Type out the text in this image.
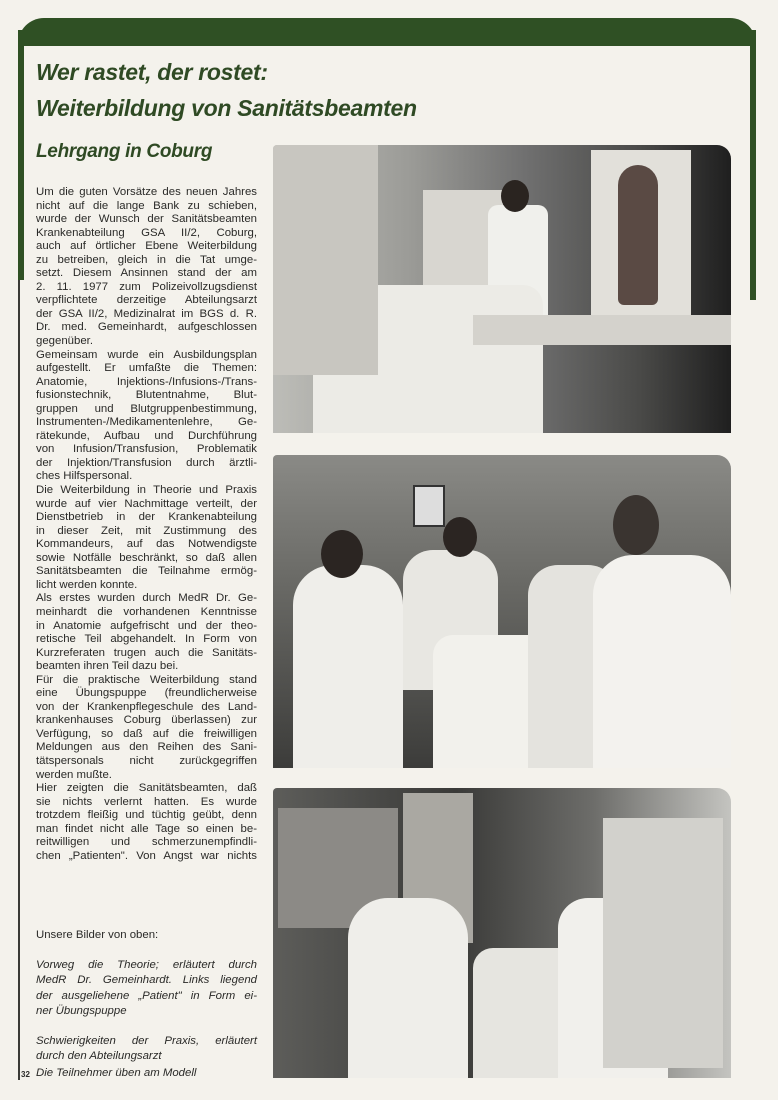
Wer rastet, der rostet:
Weiterbildung von Sanitätsbeamten
Lehrgang in Coburg
Um die guten Vorsätze des neuen Jahres
nicht auf die lange Bank zu schieben,
wurde der Wunsch der Sanitätsbeamten
Krankenabteilung GSA II/2, Coburg,
auch auf örtlicher Ebene Weiterbildung
zu betreiben, gleich in die Tat umge-
setzt. Diesem Ansinnen stand der am
2. 11. 1977 zum Polizeivollzugsdienst
verpflichtete derzeitige Abteilungsarzt
der GSA II/2, Medizinalrat im BGS d. R.
Dr. med. Gemeinhardt, aufgeschlossen
gegenüber.
Gemeinsam wurde ein Ausbildungsplan
aufgestellt. Er umfaßte die Themen:
Anatomie, Injektions-/Infusions-/Trans-
fusionstechnik, Blutentnahme, Blut-
gruppen und Blutgruppenbestimmung,
Instrumenten-/Medikamentenlehre, Ge-
rätekunde, Aufbau und Durchführung
von Infusion/Transfusion, Problematik
der Injektion/Transfusion durch ärztli-
ches Hilfspersonal.
Die Weiterbildung in Theorie und Praxis
wurde auf vier Nachmittage verteilt, der
Dienstbetrieb in der Krankenabteilung
in dieser Zeit, mit Zustimmung des
Kommandeurs, auf das Notwendigste
sowie Notfälle beschränkt, so daß allen
Sanitätsbeamten die Teilnahme ermög-
licht werden konnte.
Als erstes wurden durch MedR Dr. Ge-
meinhardt die vorhandenen Kenntnisse
in Anatomie aufgefrischt und der theo-
retische Teil abgehandelt. In Form von
Kurzreferaten trugen auch die Sanitäts-
beamten ihren Teil dazu bei.
Für die praktische Weiterbildung stand
eine Übungspuppe (freundlicherweise
von der Krankenpflegeschule des Land-
krankenhauses Coburg überlassen) zur
Verfügung, so daß auf die freiwilligen
Meldungen aus den Reihen des Sani-
tätspersonals nicht zurückgegriffen
werden mußte.
Hier zeigten die Sanitätsbeamten, daß
sie nichts verlernt hatten. Es wurde
trotzdem fleißig und tüchtig geübt, denn
man findet nicht alle Tage so einen be-
reitwilligen und schmerzunempfindli-
chen „Patienten". Von Angst war nichts
Unsere Bilder von oben:
Vorweg die Theorie; erläutert durch
MedR Dr. Gemeinhardt. Links liegend
der ausgeliehene „Patient" in Form ei-
ner Übungspuppe
Schwierigkeiten der Praxis, erläutert
durch den Abteilungsarzt
32 Die Teilnehmer üben am Modell
